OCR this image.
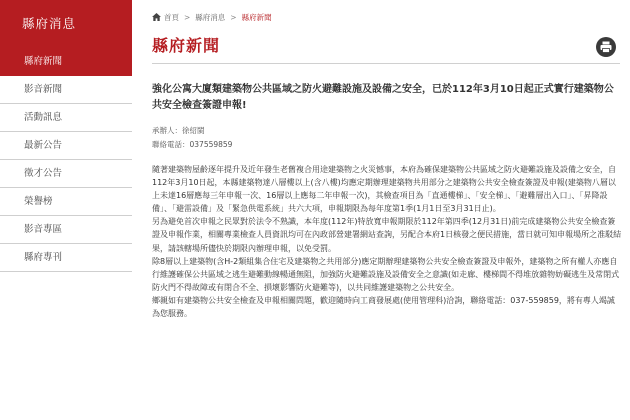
縣府消息
縣府新聞
影音新聞
活動訊息
最新公告
徵才公告
榮譽榜
影音專區
縣府專刊
首頁 > 縣府消息 > 縣府新聞
縣府新聞
強化公寓大廈類建築物公共區域之防火避難設施及設備之安全，已於112年3月10日起正式實行建築物公共安全檢查簽證申報!
承辦人：徐紹閩
聯絡電話：037559859

隨著建築物屋齡逐年提升及近年發生老舊複合用途建築物之火災憾事，本府為確保建築物公共區域之防火避難設施及設備之安全，自112年3月10日起，本縣建築物達八層樓以上(含八樓)均應定期辦理建築物共用部分之建築物公共安全檢查簽證及申報(建築物八層以上未達16層應每三年申報一次、16層以上應每二年申報一次)，其檢查項目為「直通樓梯」、「安全梯」、「避難層出入口」、「昇降設備」、「避雷設備」及「緊急供電系統」共六大項，申報期限為每年度第1季(1月1日至3月31日止)。

另為避免首次申報之民眾對於法令不熟識，本年度(112年)特放寬申報期限於112年第四季(12月31日)前完成建築物公共安全檢查簽證及申報作業，相關專業檢查人員資訊均可在內政部營建署網站查詢，另配合本府1日核發之便民措施，當日就可知申報場所之准駁結果，請該轄場所儘快於期限內辦理申報，以免受罰。

除8層以上建築物(含H-2類組集合住宅及建築物之共用部分)應定期辦理建築物公共安全檢查簽證及申報外，建築物之所有權人亦應自行維護確保公共區域之逃生避難動線暢通無阻，加強防火避難設施及設備安全之意識(如走廊、樓梯間不得堆放雜物妨礙逃生及常閉式防火門不得故障或有閉合不全、損壞影響防火避難等)，以共同維護建築物之公共安全。

鄉親如有建築物公共安全檢查及申報相關問題，歡迎隨時向工商發展處(使用管理科)洽詢，聯絡電話：037-559859，將有專人竭誠為您服務。
